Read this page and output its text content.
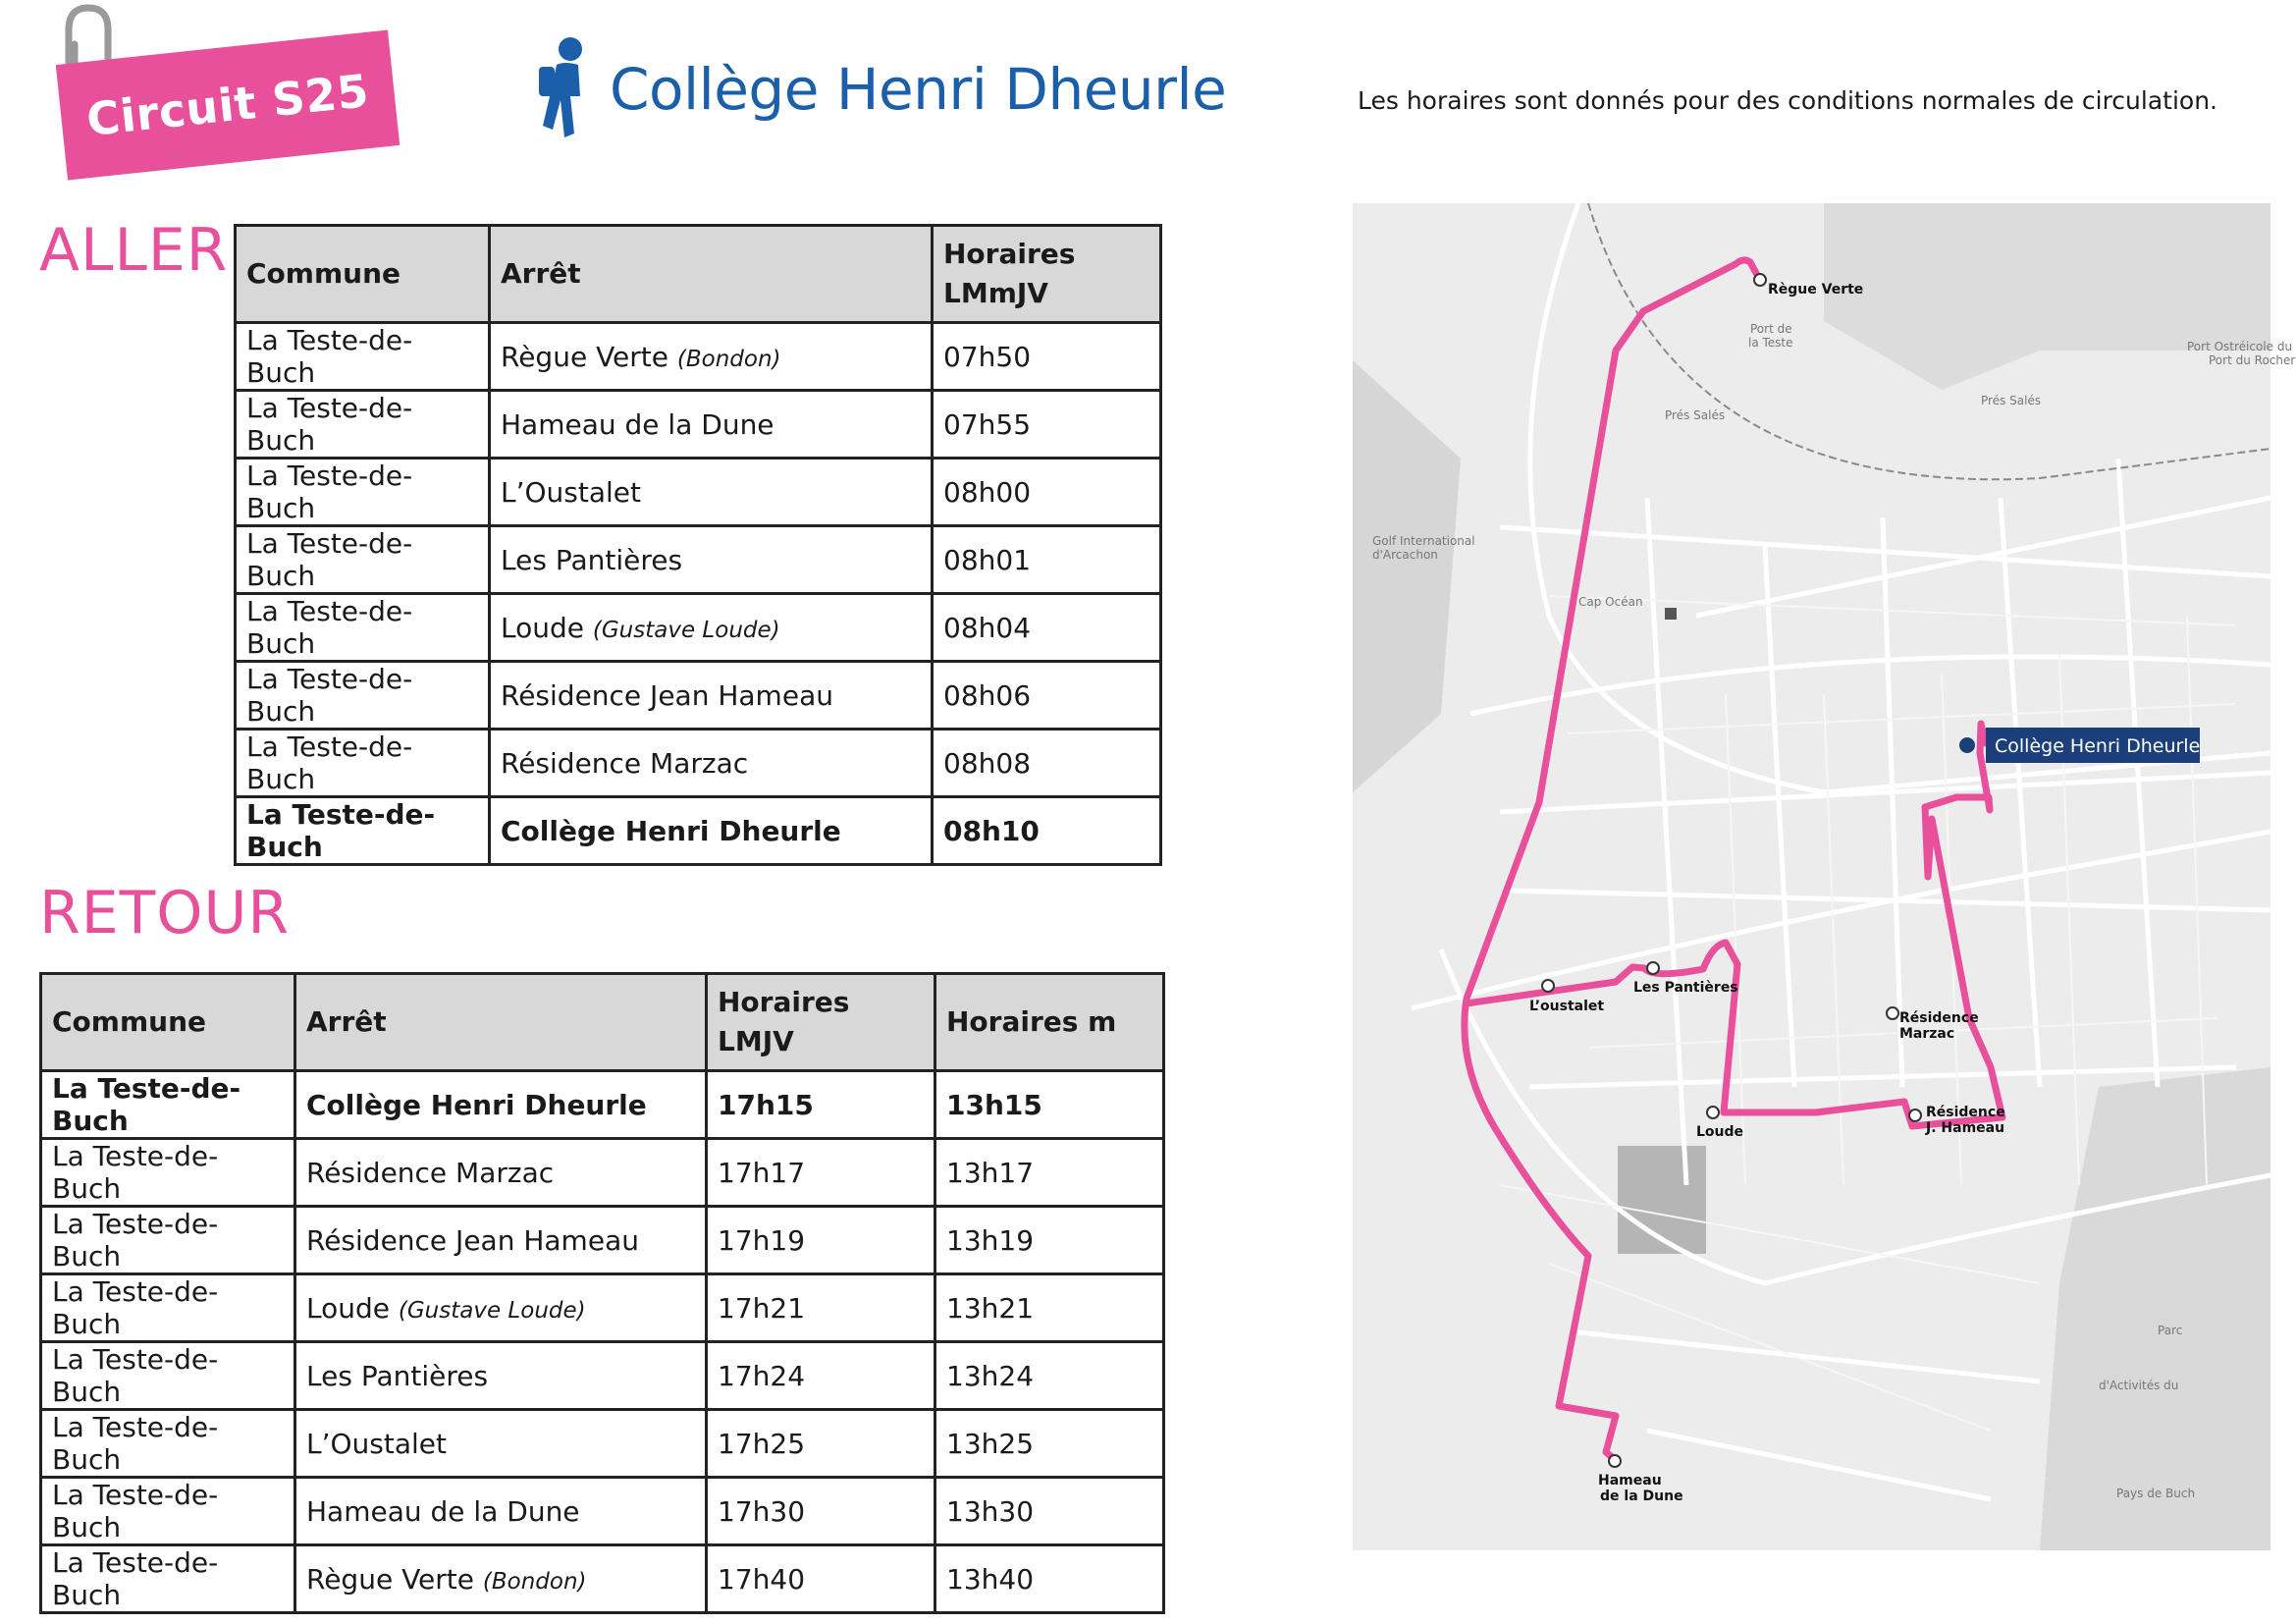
Circuit S25	Collège Henri Dheurle	Les horaires sont donnés pour des conditions normales de circulation.
ALLER Commune	Arrêt	Horaires LMmJV
La Teste-de-Buch	Règue Verte (Bondon)	07h50
La Teste-de-Buch	Hameau de la Dune	07h55
La Teste-de-Buch	L’Oustalet	08h00
La Teste-de-Buch	Les Pantières	08h01
La Teste-de-Buch	Loude (Gustave Loude)	08h04
La Teste-de-Buch	Résidence Jean Hameau	08h06
La Teste-de-Buch	Résidence Marzac	08h08
La Teste-de-Buch	Collège Henri Dheurle	08h10
RETOUR
Commune	Arrêt	Horaires LMJV	Horaires m
La Teste-de-Buch	Collège Henri Dheurle	17h15	13h15
La Teste-de-Buch	Résidence Marzac	17h17	13h17
La Teste-de-Buch	Résidence Jean Hameau	17h19	13h19
La Teste-de-Buch	Loude (Gustave Loude)	17h21	13h21
La Teste-de-Buch	Les Pantières	17h24	13h24
La Teste-de-Buch	L’Oustalet	17h25	13h25
La Teste-de-Buch	Hameau de la Dune	17h30	13h30
La Teste-de-Buch	Règue Verte (Bondon)	17h40	13h40
Port de
la Teste	Port Ostréicole du
Port du Rocher
Prés Salés
Prés Salés
Golf International
d'Arcachon
Cap Océan
Parc
d'Activités du
Pays de Buch
Règue Verte
L’oustalet
Les Pantières
Résidence
Marzac
Loude
Résidence
J. Hameau
Hameau
de la Dune
Collège Henri Dheurle
